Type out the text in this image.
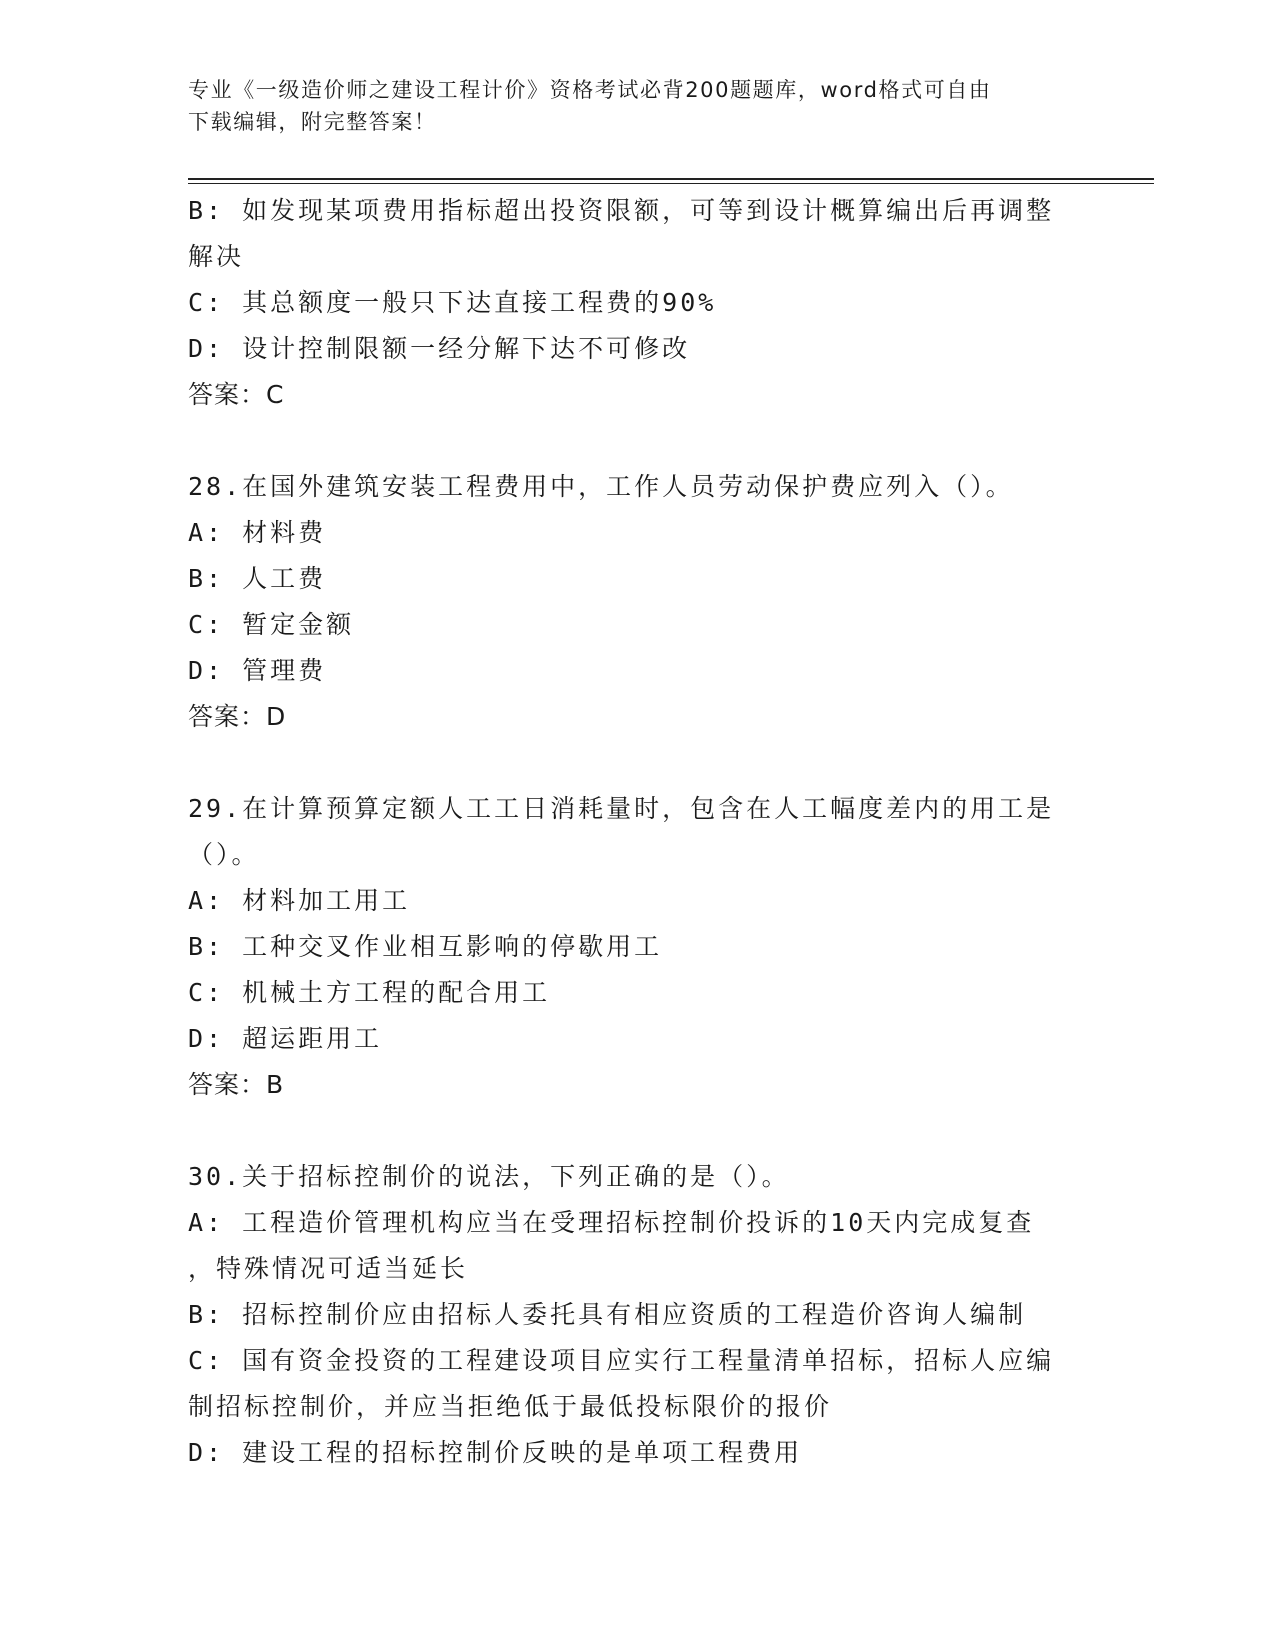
专业《一级造价师之建设工程计价》资格考试必背200题题库，word格式可自由
下载编辑，附完整答案！
B: 如发现某项费用指标超出投资限额，可等到设计概算编出后再调整
解决
C: 其总额度一般只下达直接工程费的90%
D: 设计控制限额一经分解下达不可修改
答案：C
28.在国外建筑安装工程费用中，工作人员劳动保护费应列入（）。
A: 材料费
B: 人工费
C: 暂定金额
D: 管理费
答案：D
29.在计算预算定额人工工日消耗量时，包含在人工幅度差内的用工是
（）。
A: 材料加工用工
B: 工种交叉作业相互影响的停歇用工
C: 机械土方工程的配合用工
D: 超运距用工
答案：B
30.关于招标控制价的说法，下列正确的是（）。
A: 工程造价管理机构应当在受理招标控制价投诉的10天内完成复查
，特殊情况可适当延长
B: 招标控制价应由招标人委托具有相应资质的工程造价咨询人编制
C: 国有资金投资的工程建设项目应实行工程量清单招标，招标人应编
制招标控制价，并应当拒绝低于最低投标限价的报价
D: 建设工程的招标控制价反映的是单项工程费用
